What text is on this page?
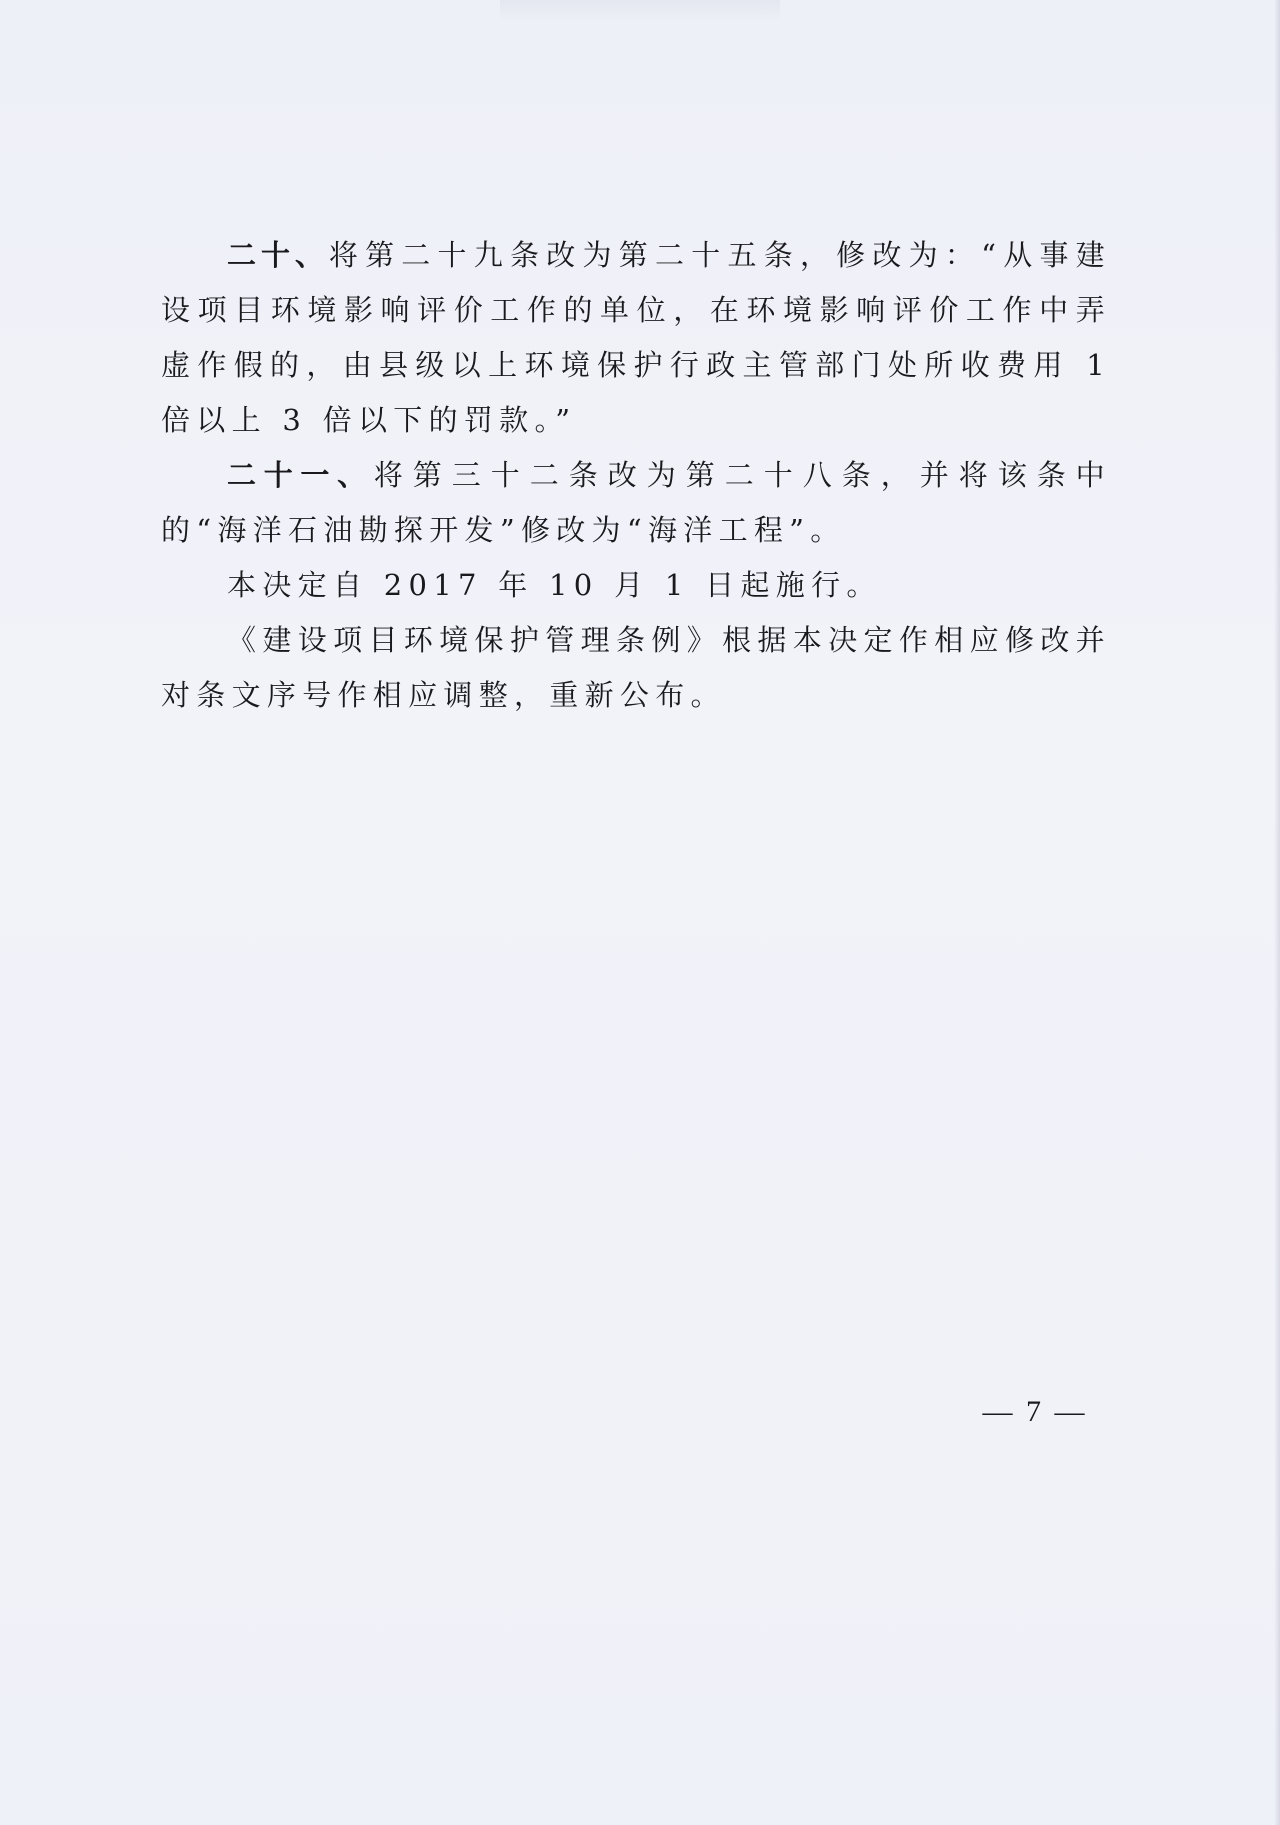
二十、将第二十九条改为第二十五条，修改为：“从事建设项目环境影响评价工作的单位，在环境影响评价工作中弄虚作假的，由县级以上环境保护行政主管部门处所收费用 1 倍以上 3 倍以下的罚款。”

二十一、将第三十二条改为第二十八条，并将该条中的“海洋石油勘探开发”修改为“海洋工程”。

本决定自 2017 年 10 月 1 日起施行。

《建设项目环境保护管理条例》根据本决定作相应修改并对条文序号作相应调整，重新公布。

— 7 —
